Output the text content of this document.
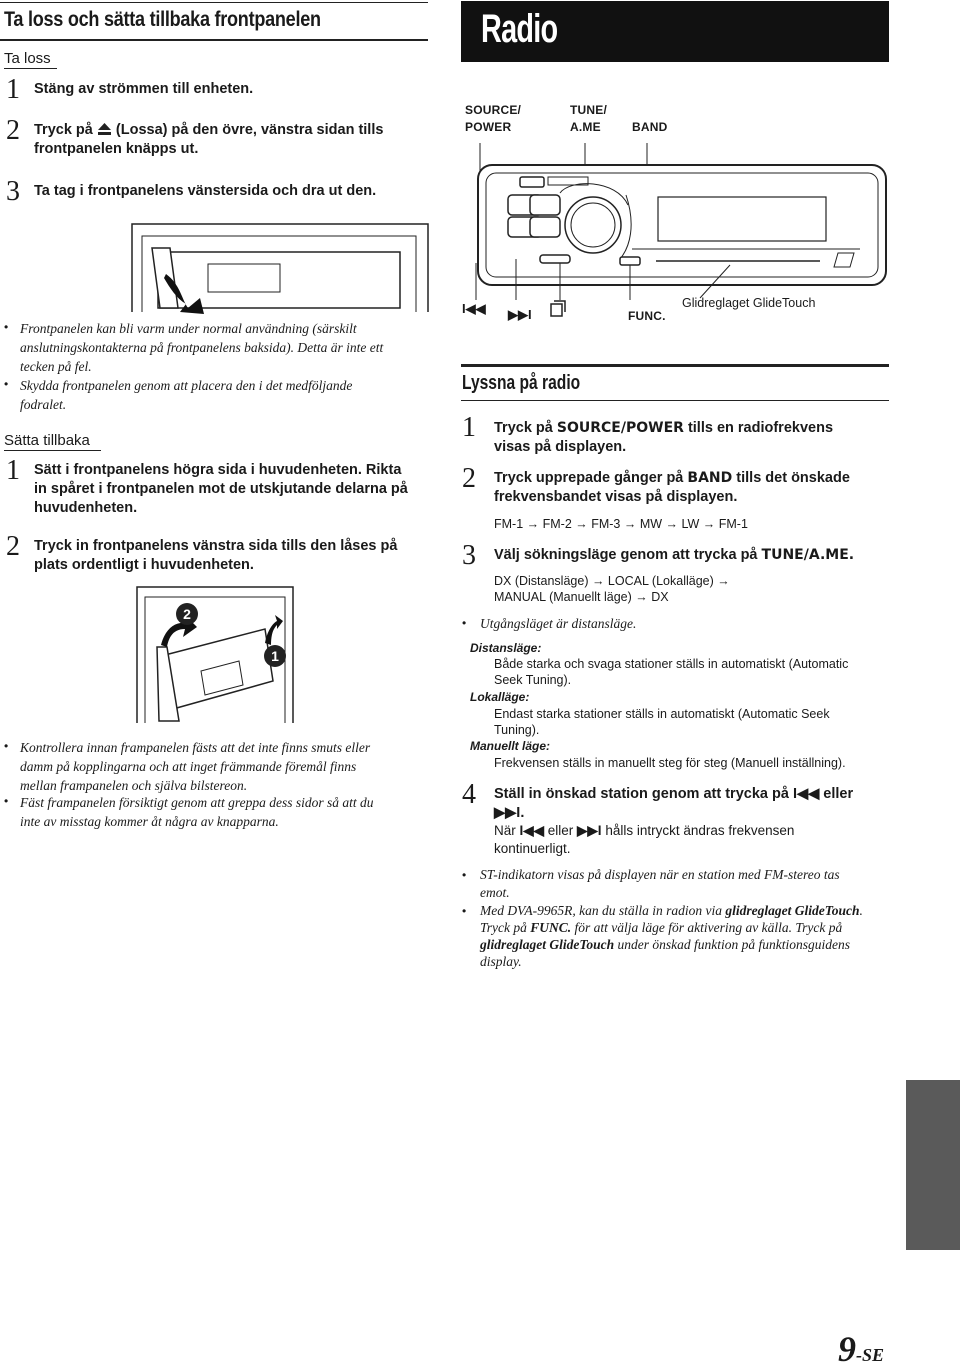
Ta loss och sätta tillbaka frontpanelen
Ta loss
1 Stäng av strömmen till enheten.
2 Tryck på  (Lossa) på den övre, vänstra sidan tills
frontpanelen knäpps ut.
3 Ta tag i frontpanelens vänstersida och dra ut den.
• Frontpanelen kan bli varm under normal användning (särskilt
anslutningskontakterna på frontpanelens baksida). Detta är inte ett
tecken på fel.
• Skydda frontpanelen genom att placera den i det medföljande
fodralet.
Sätta tillbaka
1 Sätt i frontpanelens högra sida i huvudenheten. Rikta
in spåret i frontpanelen mot de utskjutande delarna på
huvudenheten.
2 Tryck in frontpanelens vänstra sida tills den låses på
plats ordentligt i huvudenheten.
2
1
• Kontrollera innan frampanelen fästs att det inte finns smuts eller
damm på kopplingarna och att inget främmande föremål finns
mellan frampanelen och själva bilstereon.
• Fäst frampanelen försiktigt genom att greppa dess sidor så att du
inte av misstag kommer åt några av knapparna.
Radio
SOURCE/
POWER
TUNE/
A.ME	BAND
I◀◀ ▶▶I	FUNC.
Glidreglaget GlideTouch
Lyssna på radio
1 Tryck på SOURCE/POWER tills en radiofrekvens
visas på displayen.
2 Tryck upprepade gånger på BAND tills det önskade
frekvensbandet visas på displayen.
FM-1 → FM-2 → FM-3 → MW → LW → FM-1
3 Välj sökningsläge genom att trycka på TUNE/A.ME.
DX (Distansläge) → LOCAL (Lokalläge) →
MANUAL (Manuellt läge) → DX
• Utgångsläget är distansläge.
Distansläge:
Både starka och svaga stationer ställs in automatiskt (Automatic
Seek Tuning).
Lokalläge:
Endast starka stationer ställs in automatiskt (Automatic Seek
Tuning).
Manuellt läge:
Frekvensen ställs in manuellt steg för steg (Manuell inställning).
4 Ställ in önskad station genom att trycka på I◀◀ eller
▶▶I.
När I◀◀ eller ▶▶I hålls intryckt ändras frekvensen
kontinuerligt.
• ST-indikatorn visas på displayen när en station med FM-stereo tas
emot.
• Med DVA-9965R, kan du ställa in radion via glidreglaget GlideTouch.
Tryck på FUNC. för att välja läge för aktivering av källa. Tryck på
glidreglaget GlideTouch under önskad funktion på funktionsguidens
display.
9-SE
